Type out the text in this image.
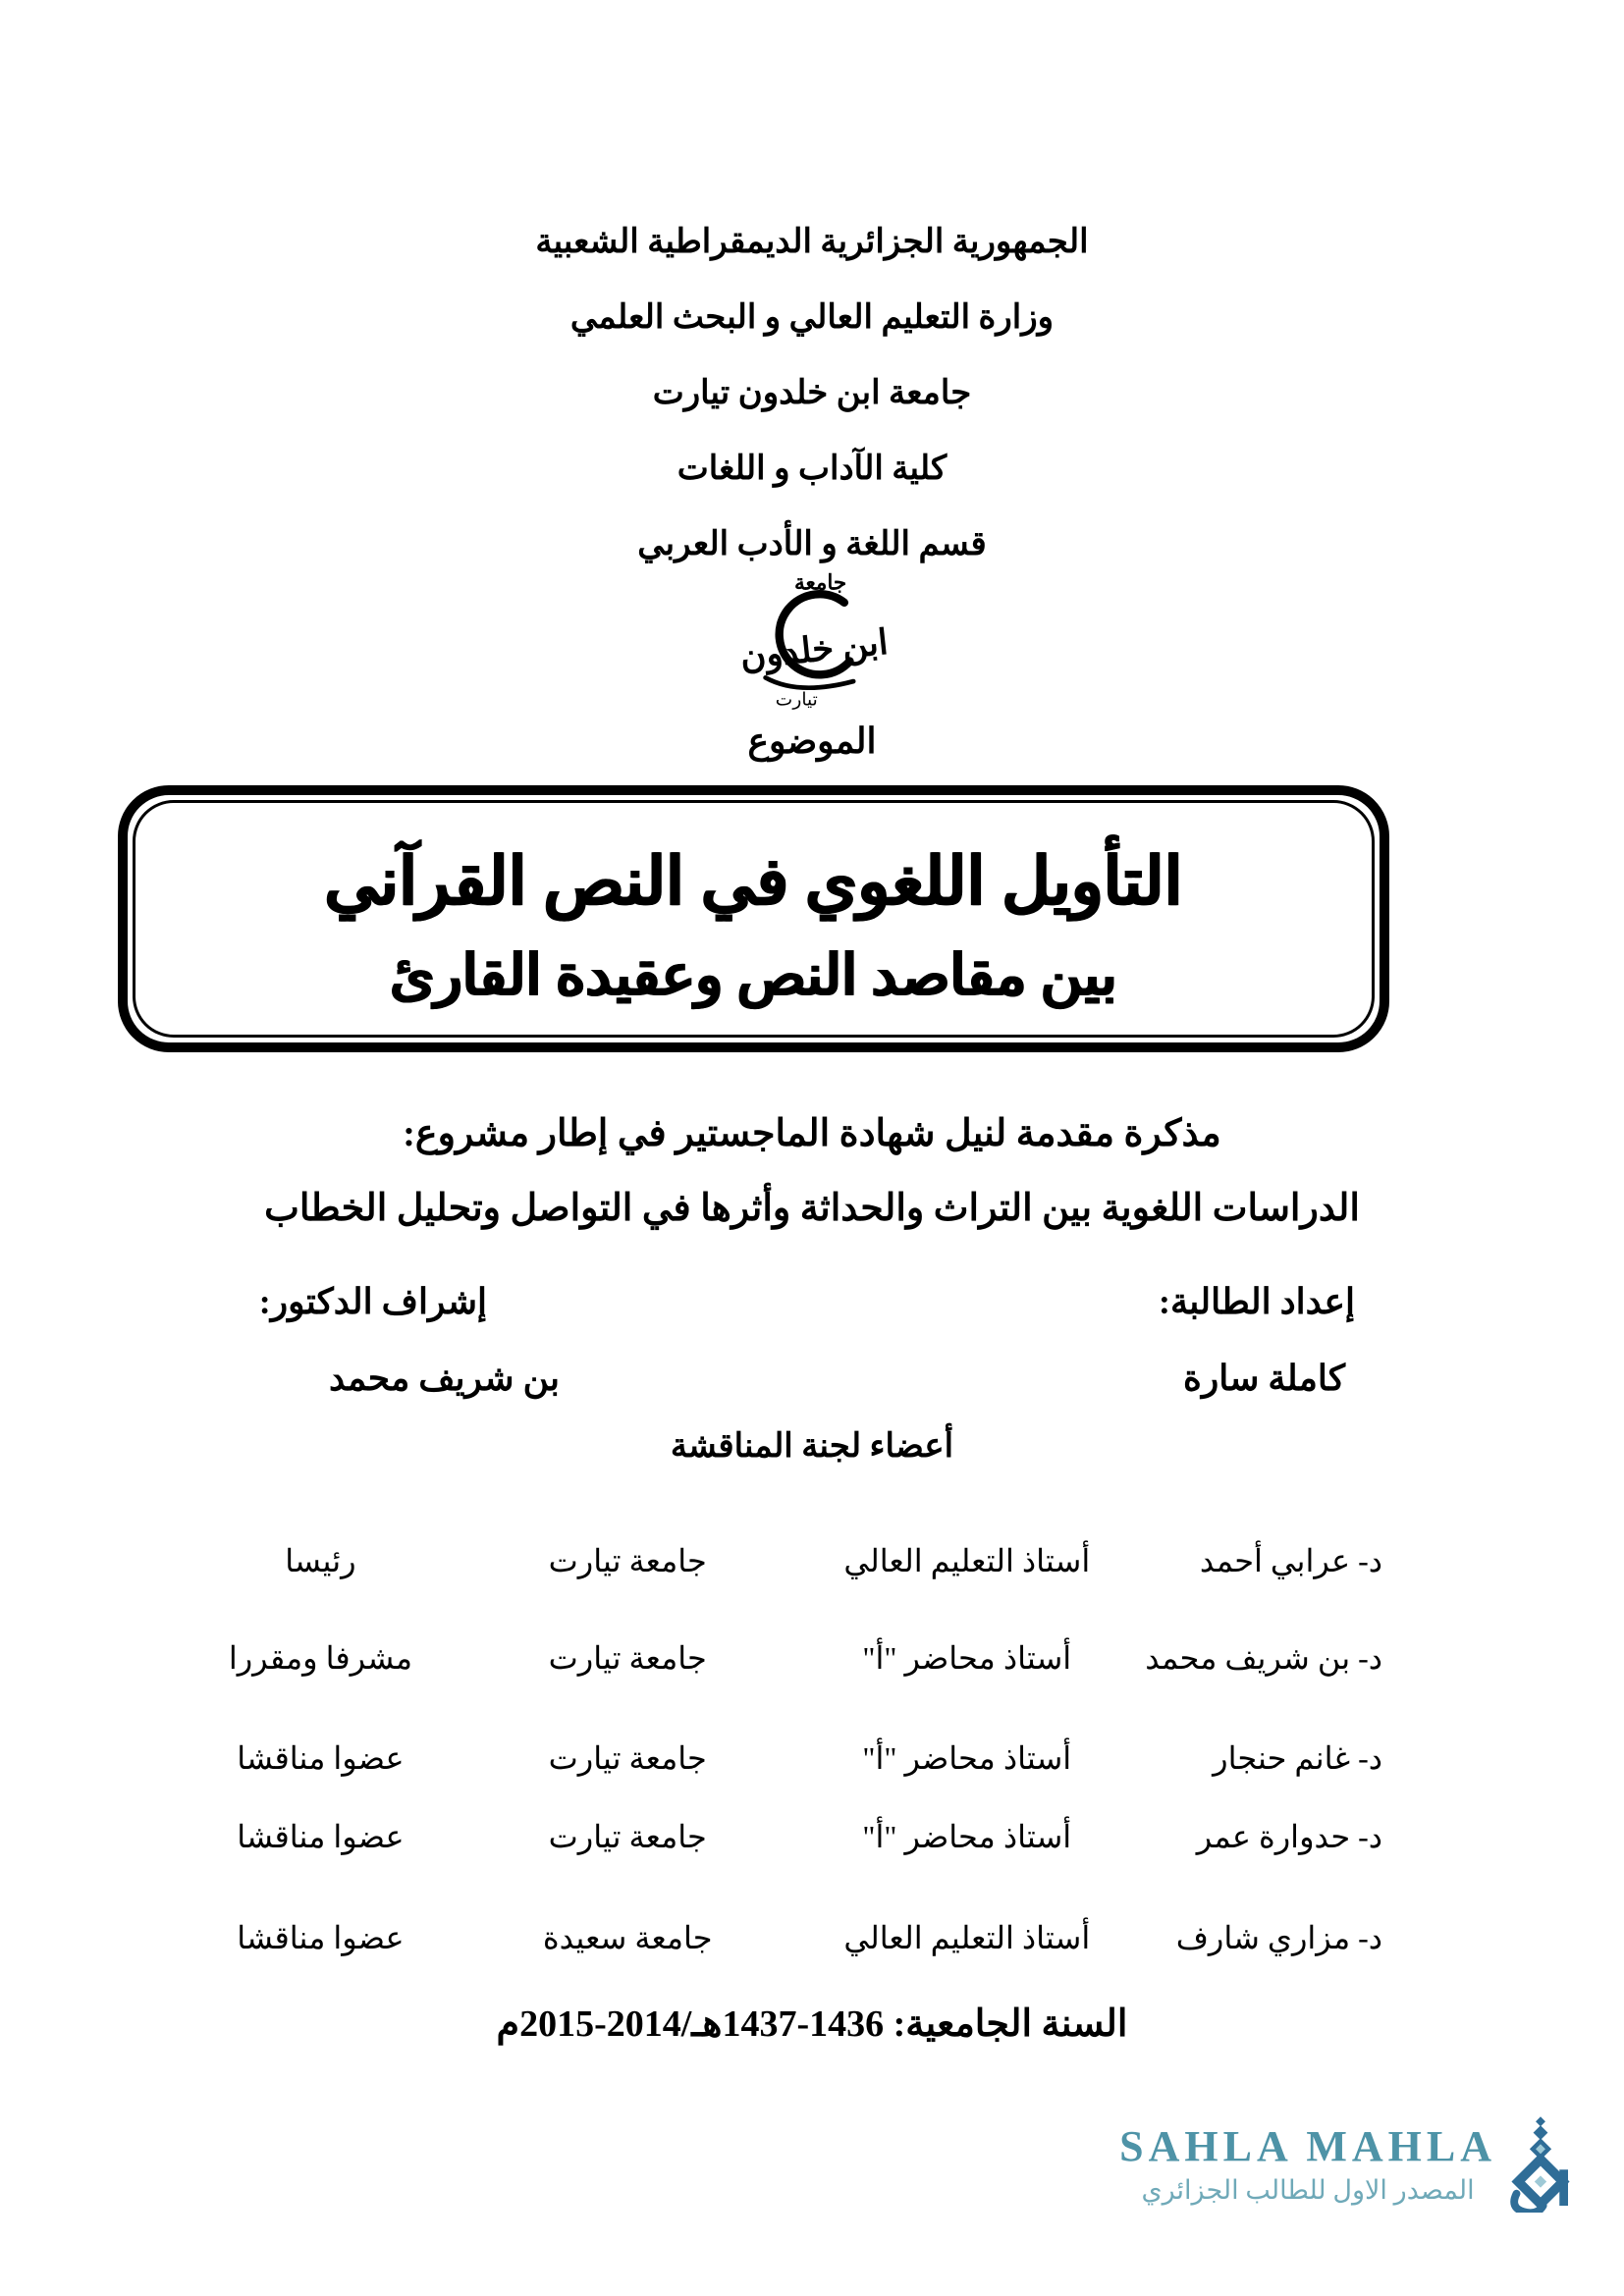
الجمهورية الجزائرية الديمقراطية الشعبية
وزارة التعليم العالي و البحث العلمي
جامعة ابن خلدون تيارت
كلية الآداب و اللغات
قسم اللغة و الأدب العربي
جامعة
ابن خلدون
تيارت
الموضوع
التأويل اللغوي في النص القرآني
بين مقاصد النص وعقيدة القارئ
مذكرة مقدمة لنيل شهادة الماجستير في إطار مشروع:
الدراسات اللغوية بين التراث والحداثة وأثرها في التواصل وتحليل الخطاب
إعداد الطالبة:
إشراف الدكتور:
كاملة سارة
بن شريف محمد
أعضاء لجنة المناقشة
د- عرابي أحمد
أستاذ التعليم العالي
جامعة تيارت
رئيسا
د- بن شريف محمد
أستاذ محاضر "أ"
جامعة تيارت
مشرفا ومقررا
د- غانم حنجار
أستاذ محاضر "أ"
جامعة تيارت
عضوا مناقشا
د- حدوارة عمر
أستاذ محاضر "أ"
جامعة تيارت
عضوا مناقشا
د- مزاري شارف
أستاذ التعليم العالي
جامعة سعيدة
عضوا مناقشا
السنة الجامعية: 1436-1437هـ/2014-2015م
SAHLA MAHLA
المصدر الاول للطالب الجزائري
